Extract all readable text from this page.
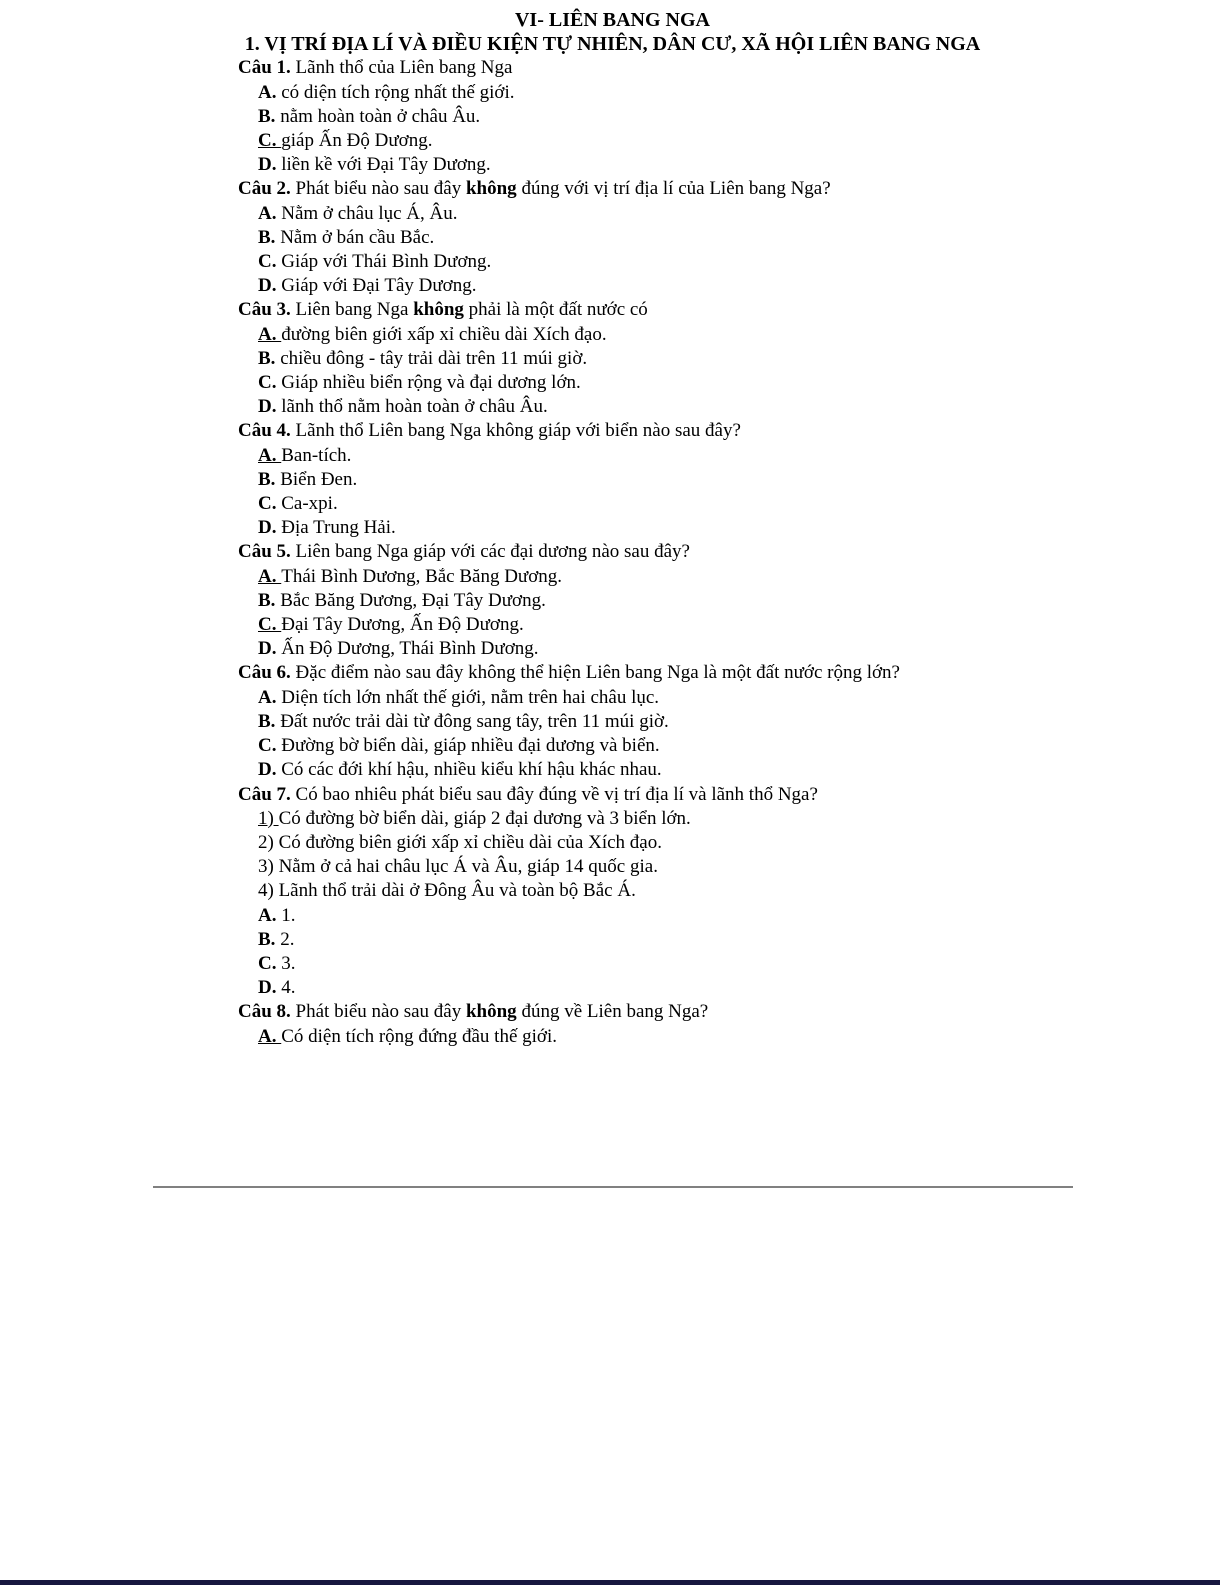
VI- LIÊN BANG NGA
1. VỊ TRÍ ĐỊA LÍ VÀ ĐIỀU KIỆN TỰ NHIÊN, DÂN CƯ, XÃ HỘI LIÊN BANG NGA

Câu 1. Lãnh thổ của Liên bang Nga

A. có diện tích rộng nhất thế giới.

B. nằm hoàn toàn ở châu Âu.

C. giáp Ấn Độ Dương.

D. liền kề với Đại Tây Dương.

Câu 2. Phát biểu nào sau đây không đúng với vị trí địa lí của Liên bang Nga?

A. Nằm ở châu lục Á, Âu.

B. Nằm ở bán cầu Bắc.

C. Giáp với Thái Bình Dương.

D. Giáp với Đại Tây Dương.

Câu 3. Liên bang Nga không phải là một đất nước có

A. đường biên giới xấp xỉ chiều dài Xích đạo.

B. chiều đông - tây trải dài trên 11 múi giờ.

C. Giáp nhiều biển rộng và đại dương lớn.

D. lãnh thổ nằm hoàn toàn ở châu Âu.

Câu 4. Lãnh thổ Liên bang Nga không giáp với biển nào sau đây?

A. Ban-tích.

B. Biển Đen.

C. Ca-xpi.

D. Địa Trung Hải.

Câu 5. Liên bang Nga giáp với các đại dương nào sau đây?

A. Thái Bình Dương, Bắc Băng Dương.

B. Bắc Băng Dương, Đại Tây Dương.

C. Đại Tây Dương, Ấn Độ Dương.

D. Ấn Độ Dương, Thái Bình Dương.

Câu 6. Đặc điểm nào sau đây không thể hiện Liên bang Nga là một đất nước rộng lớn?

A. Diện tích lớn nhất thế giới, nằm trên hai châu lục.

B. Đất nước trải dài từ đông sang tây, trên 11 múi giờ.

C. Đường bờ biển dài, giáp nhiều đại dương và biển.

D. Có các đới khí hậu, nhiều kiểu khí hậu khác nhau.

Câu 7. Có bao nhiêu phát biểu sau đây đúng về vị trí địa lí và lãnh thổ Nga?

1) Có đường bờ biển dài, giáp 2 đại dương và 3 biển lớn.

2) Có đường biên giới xấp xỉ chiều dài của Xích đạo.

3) Nằm ở cả hai châu lục Á và Âu, giáp 14 quốc gia.

4) Lãnh thổ trải dài ở Đông Âu và toàn bộ Bắc Á.

A. 1.

B. 2.

C. 3.

D. 4.

Câu 8. Phát biểu nào sau đây không đúng về Liên bang Nga?

A. Có diện tích rộng đứng đầu thế giới.
